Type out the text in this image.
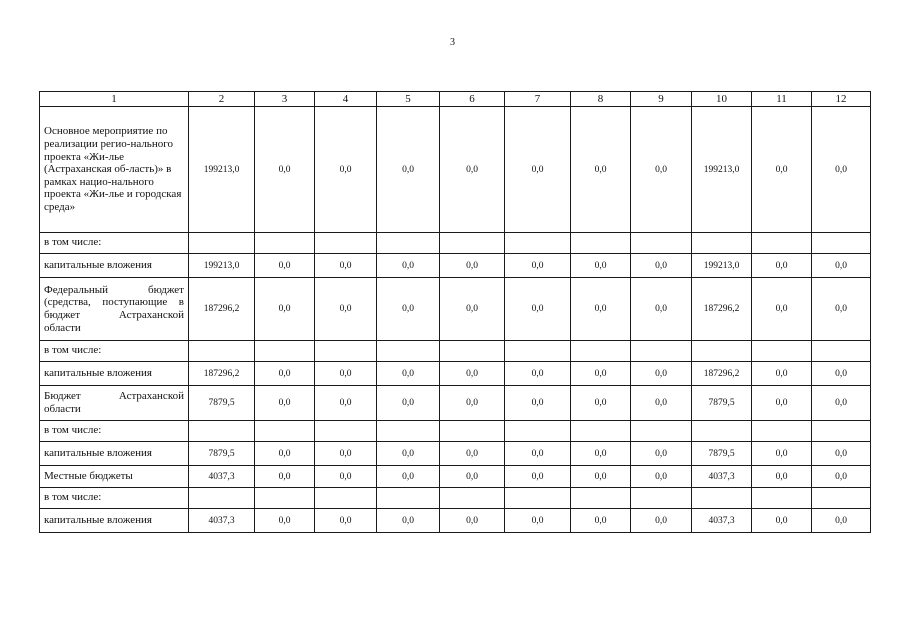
3
1	2	3	4	5	6	7	8	9	10	11	12
Основное мероприятие по реализации регио-нального проекта «Жи-лье (Астраханская об-ласть)» в рамках нацио-нального проекта «Жи-лье и городская среда»	199213,0	0,0	0,0	0,0	0,0	0,0	0,0	0,0	199213,0	0,0	0,0
в том числе:											
капитальные вложения	199213,0	0,0	0,0	0,0	0,0	0,0	0,0	0,0	199213,0	0,0	0,0
Федеральный бюджет (средства, поступающие в бюджет Астраханской области	187296,2	0,0	0,0	0,0	0,0	0,0	0,0	0,0	187296,2	0,0	0,0
в том числе:											
капитальные вложения	187296,2	0,0	0,0	0,0	0,0	0,0	0,0	0,0	187296,2	0,0	0,0
Бюджет Астраханской области	7879,5	0,0	0,0	0,0	0,0	0,0	0,0	0,0	7879,5	0,0	0,0
в том числе:											
капитальные вложения	7879,5	0,0	0,0	0,0	0,0	0,0	0,0	0,0	7879,5	0,0	0,0
Местные бюджеты	4037,3	0,0	0,0	0,0	0,0	0,0	0,0	0,0	4037,3	0,0	0,0
в том числе:											
капитальные вложения	4037,3	0,0	0,0	0,0	0,0	0,0	0,0	0,0	4037,3	0,0	0,0
